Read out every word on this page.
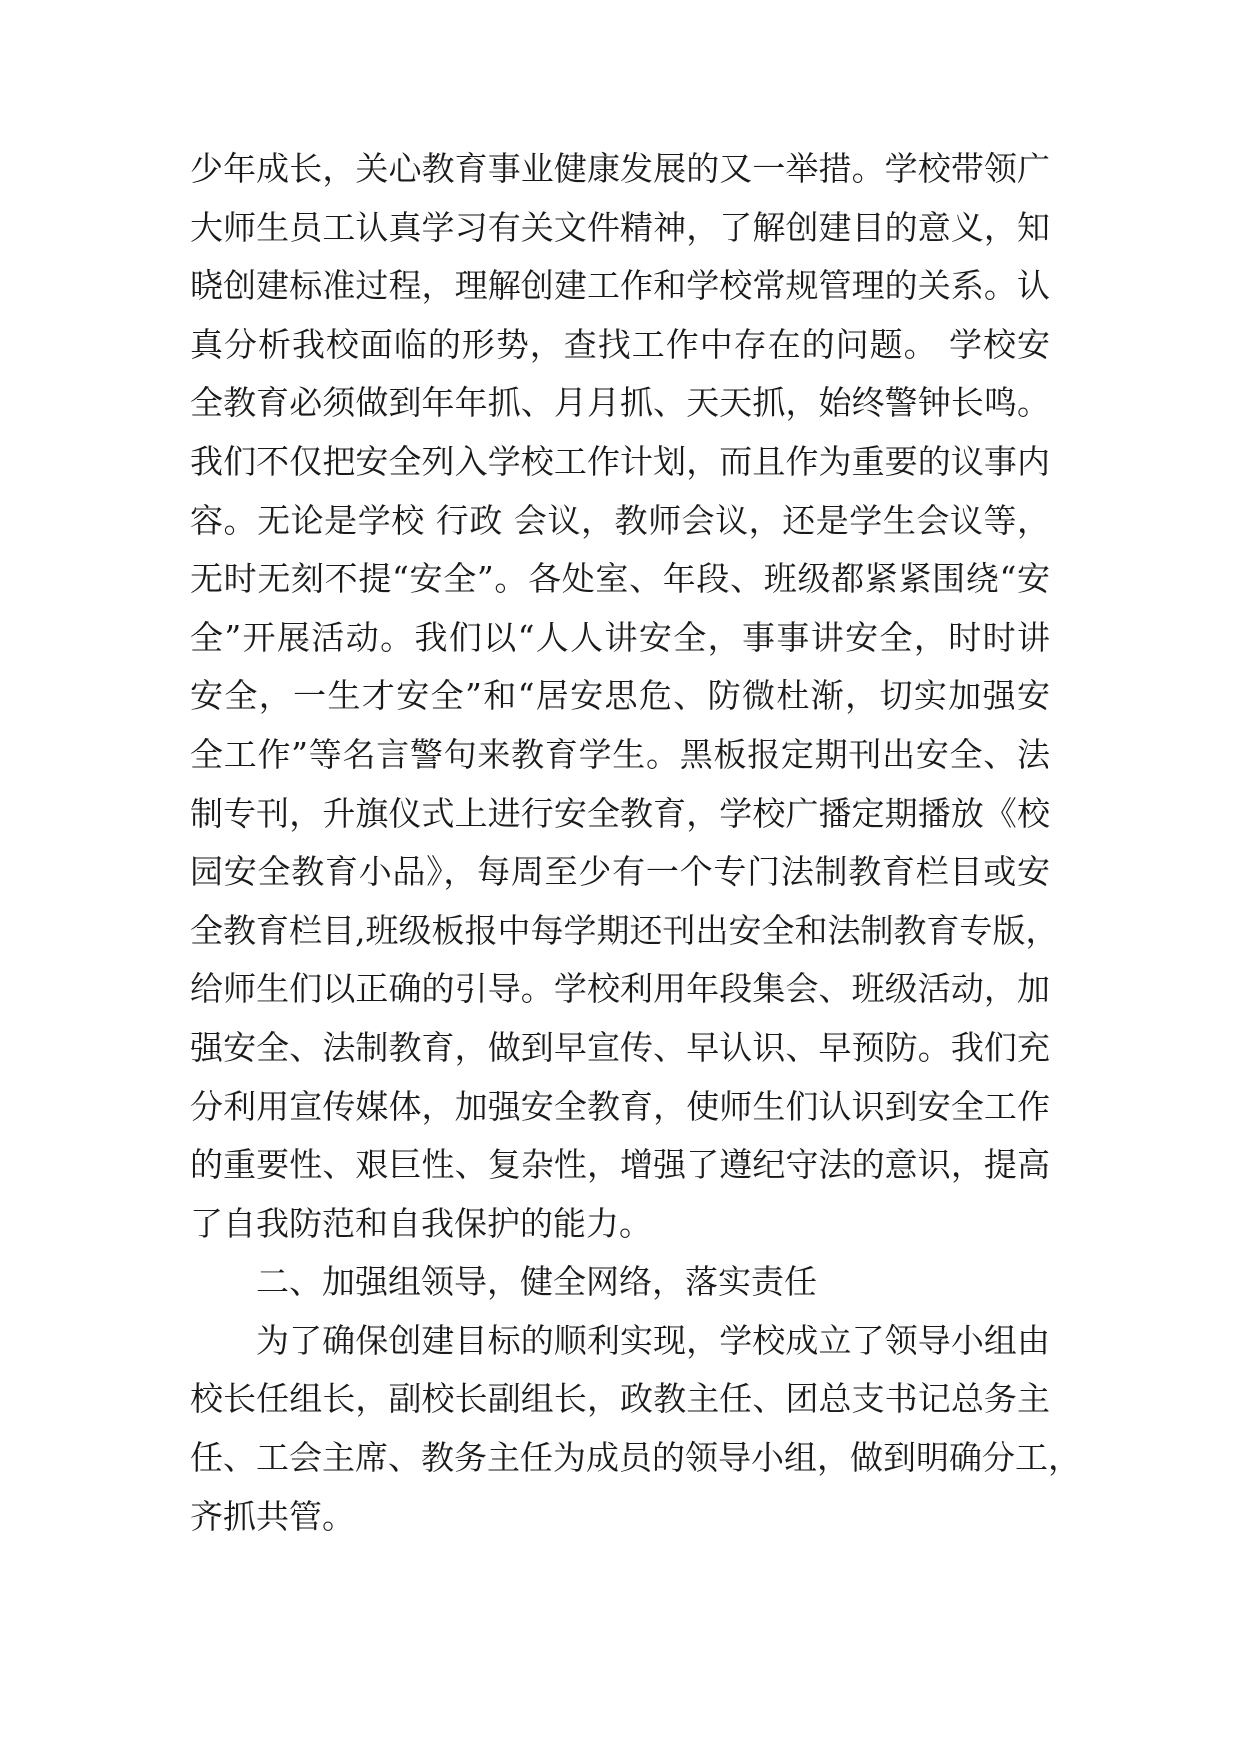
少年成长，关心教育事业健康发展的又一举措。学校带领广
大师生员工认真学习有关文件精神，了解创建目的意义，知
晓创建标准过程，理解创建工作和学校常规管理的关系。认
真分析我校面临的形势，查找工作中存在的问题。 学校安
全教育必须做到年年抓、月月抓、天天抓，始终警钟长鸣。
我们不仅把安全列入学校工作计划，而且作为重要的议事内
容。无论是学校 行政 会议，教师会议，还是学生会议等，
无时无刻不提“安全”。各处室、年段、班级都紧紧围绕“安
全”开展活动。我们以“人人讲安全，事事讲安全，时时讲
安全，一生才安全”和“居安思危、防微杜渐，切实加强安
全工作”等名言警句来教育学生。黑板报定期刊出安全、法
制专刊，升旗仪式上进行安全教育，学校广播定期播放《校
园安全教育小品》，每周至少有一个专门法制教育栏目或安
全教育栏目,班级板报中每学期还刊出安全和法制教育专版，
给师生们以正确的引导。学校利用年段集会、班级活动，加
强安全、法制教育，做到早宣传、早认识、早预防。我们充
分利用宣传媒体，加强安全教育，使师生们认识到安全工作
的重要性、艰巨性、复杂性，增强了遵纪守法的意识，提高
了自我防范和自我保护的能力。
二、加强组领导，健全网络，落实责任
为了确保创建目标的顺利实现，学校成立了领导小组由
校长任组长，副校长副组长，政教主任、团总支书记总务主
任、工会主席、教务主任为成员的领导小组，做到明确分工，
齐抓共管。
